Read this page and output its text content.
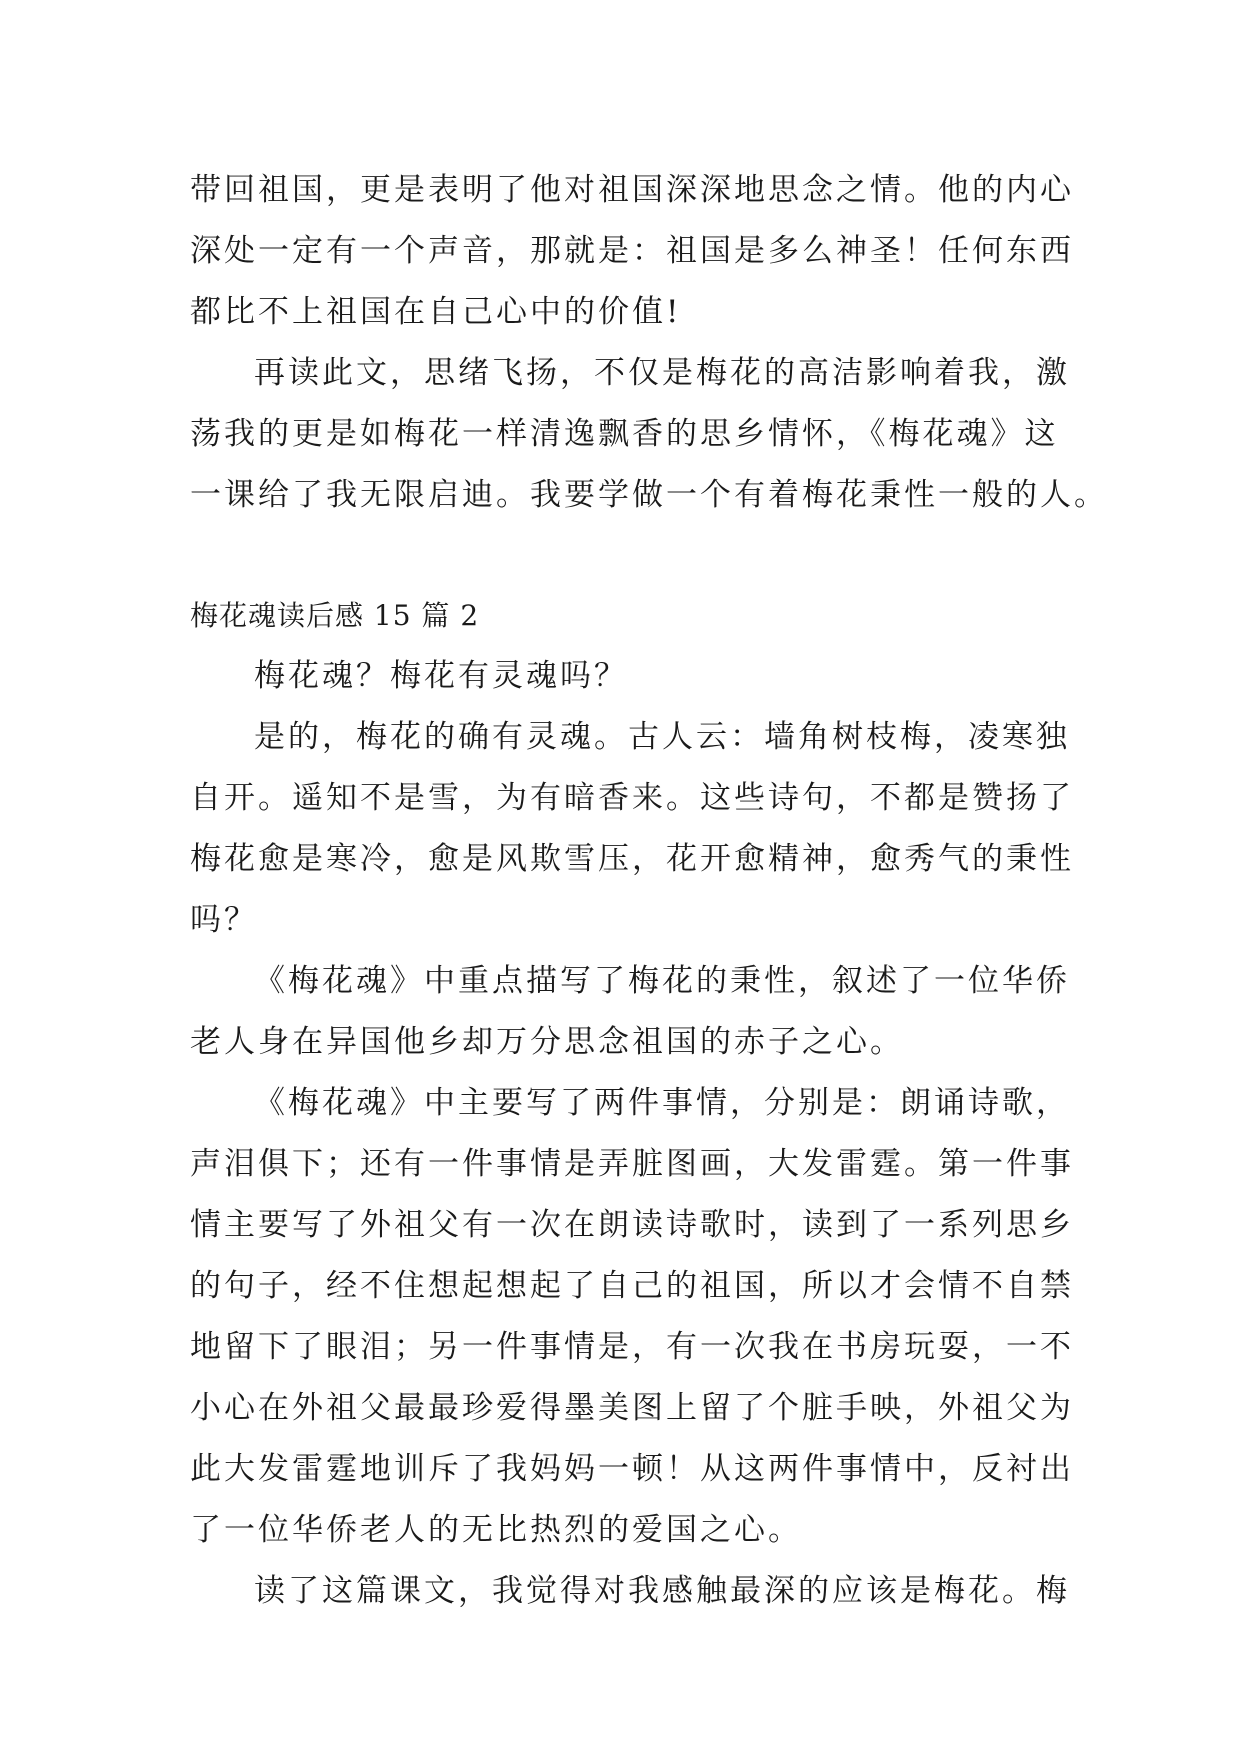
带回祖国，更是表明了他对祖国深深地思念之情。他的内心
深处一定有一个声音，那就是：祖国是多么神圣！任何东西
都比不上祖国在自己心中的价值!
再读此文，思绪飞扬，不仅是梅花的高洁影响着我，激
荡我的更是如梅花一样清逸飘香的思乡情怀，《梅花魂》这
一课给了我无限启迪。我要学做一个有着梅花秉性一般的人。
梅花魂读后感 15 篇 2
梅花魂？梅花有灵魂吗？
是的，梅花的确有灵魂。古人云：墙角树枝梅，凌寒独
自开。遥知不是雪，为有暗香来。这些诗句，不都是赞扬了
梅花愈是寒冷，愈是风欺雪压，花开愈精神，愈秀气的秉性
吗？
《梅花魂》中重点描写了梅花的秉性，叙述了一位华侨
老人身在异国他乡却万分思念祖国的赤子之心。
《梅花魂》中主要写了两件事情，分别是：朗诵诗歌，
声泪俱下；还有一件事情是弄脏图画，大发雷霆。第一件事
情主要写了外祖父有一次在朗读诗歌时，读到了一系列思乡
的句子，经不住想起想起了自己的祖国，所以才会情不自禁
地留下了眼泪；另一件事情是，有一次我在书房玩耍，一不
小心在外祖父最最珍爱得墨美图上留了个脏手映，外祖父为
此大发雷霆地训斥了我妈妈一顿！从这两件事情中，反衬出
了一位华侨老人的无比热烈的爱国之心。
读了这篇课文，我觉得对我感触最深的应该是梅花。梅
